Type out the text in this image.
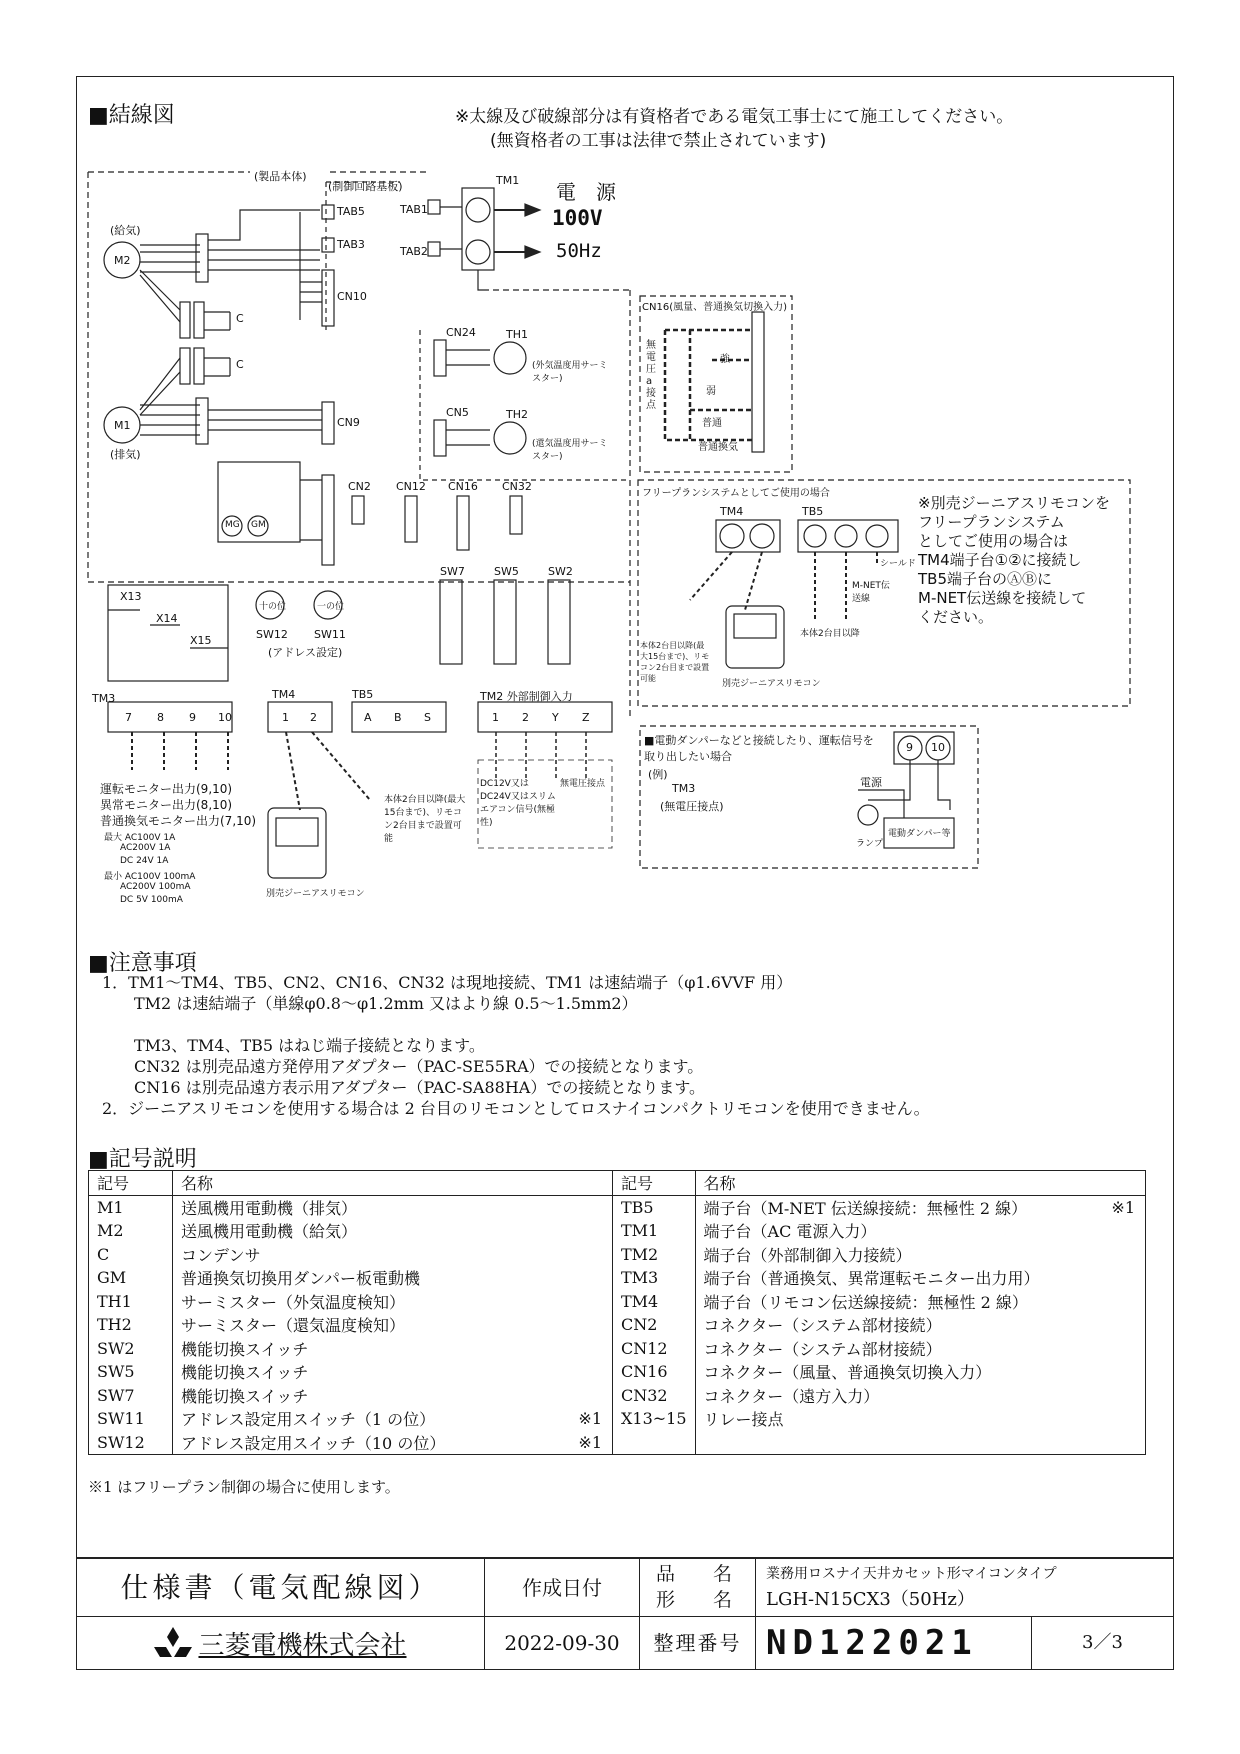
■結線図	※太線及び破線部分は有資格者である電気工事士にて施工してください。
(無資格者の工事は法律で禁止されています)
(製品本体)
(制御回路基板)	TM1 電　源
100V
50Hz
TAB1
TAB2
TAB5
TAB3
CN10
CN9
(給気)
M2
M1
(排気)
C
C
MG GM
CN24
CN5
TH1
TH2
(外気温度用サーミスター)
(還気温度用サーミスター)
CN2 CN12 CN16 CN32
SW7	SW5	SW2
十の位	一の位
SW12 SW11
(アドレス設定)
X13
X14
X15
TM3	TM4	TB5	TM2 外部制御入力
7 8 9 10	1 2	A B S	1 2 Y Z
運転モニター出力(9,10)
異常モニター出力(8,10)
普通換気モニター出力(7,10)
最大 AC100V 1A
AC200V 1A
DC 24V 1A
最小 AC100V 100mA
AC200V 100mA
DC 5V 100mA
別売ジーニアスリモコン
本体2台目以降(最大15台まで)、リモコン2台目まで設置可能
DC12V又はDC24V又はスリムエアコン信号(無極性)
無電圧接点
CN16(風量、普通換気切換入力)
無電圧a接点
強
弱
普通
普通換気
フリープランシステムとしてご使用の場合
TM4	TB5
シールド
M-NET伝送線
本体2台目以降
別売ジーニアスリモコン
本体2台目以降(最大15台まで)、リモコン2台目まで設置可能
※別売ジーニアスリモコンを
フリープランシステム
としてご使用の場合は
TM4端子台①②に接続し
TB5端子台のⒶⒷに
M-NET伝送線を接続して
ください。
■電動ダンパーなどと接続したり、運転信号を取り出したい場合
(例)
TM3
(無電圧接点)
電源
ランプ
電動ダンパー等
9 10
■注意事項
1．TM1〜TM4、TB5、CN2、CN16、CN32 は現地接続、TM1 は速結端子（φ1.6VVF 用）
TM2 は速結端子（単線φ0.8〜φ1.2mm 又はより線 0.5〜1.5mm2）
TM3、TM4、TB5 はねじ端子接続となります。
CN32 は別売品遠方発停用アダプター（PAC-SE55RA）での接続となります。
CN16 は別売品遠方表示用アダプター（PAC-SA88HA）での接続となります。
2．ジーニアスリモコンを使用する場合は 2 台目のリモコンとしてロスナイコンパクトリモコンを使用できません。
■記号説明
記号	名称	記号	名称
M1	送風機用電動機（排気）	TB5	端子台（M-NET 伝送線接続：無極性 2 線） ※1

M2	送風機用電動機（給気）	TM1	端子台（AC 電源入力）

C	コンデンサ	TM2	端子台（外部制御入力接続）

GM	普通換気切換用ダンパー板電動機	TM3	端子台（普通換気、異常運転モニター出力用）

TH1	サーミスター（外気温度検知）	TM4	端子台（リモコン伝送線接続：無極性 2 線）

TH2	サーミスター（還気温度検知）	CN2	コネクター（システム部材接続）

SW2	機能切換スイッチ	CN12	コネクター（システム部材接続）

SW5	機能切換スイッチ	CN16	コネクター（風量、普通換気切換入力）

SW7	機能切換スイッチ	CN32	コネクター（遠方入力）

SW11	アドレス設定用スイッチ（1 の位） ※1	X13~15	リレー接点

SW12	アドレス設定用スイッチ（10 の位） ※1		

※1 はフリープラン制御の場合に使用します。
仕様書（電気配線図）
三菱電機株式会社
作成日付
2022-09-30
品　　名
形　　名
業務用ロスナイ天井カセット形マイコンタイプ
LGH-N15CX3（50Hz）
整理番号 ND122021	3／3
